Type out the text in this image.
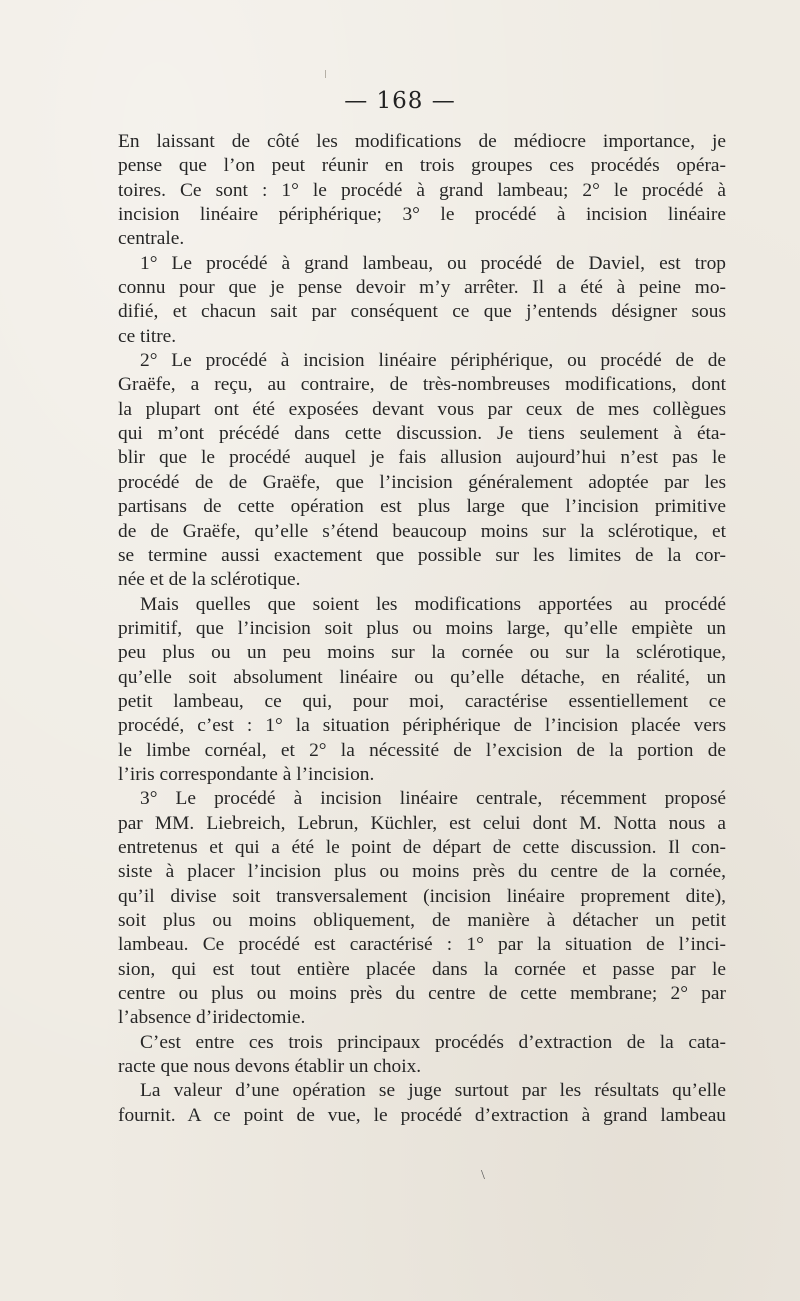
— 168 —
En laissant de côté les modifications de médiocre importance, je
pense que l’on peut réunir en trois groupes ces procédés opéra-
toires. Ce sont : 1° le procédé à grand lambeau; 2° le procédé à
incision linéaire périphérique; 3° le procédé à incision linéaire
centrale.
1° Le procédé à grand lambeau, ou procédé de Daviel, est trop
connu pour que je pense devoir m’y arrêter. Il a été à peine mo-
difié, et chacun sait par conséquent ce que j’entends désigner sous
ce titre.
2° Le procédé à incision linéaire périphérique, ou procédé de de
Graëfe, a reçu, au contraire, de très-nombreuses modifications, dont
la plupart ont été exposées devant vous par ceux de mes collègues
qui m’ont précédé dans cette discussion. Je tiens seulement à éta-
blir que le procédé auquel je fais allusion aujourd’hui n’est pas le
procédé de de Graëfe, que l’incision généralement adoptée par les
partisans de cette opération est plus large que l’incision primitive
de de Graëfe, qu’elle s’étend beaucoup moins sur la sclérotique, et
se termine aussi exactement que possible sur les limites de la cor-
née et de la sclérotique.
Mais quelles que soient les modifications apportées au procédé
primitif, que l’incision soit plus ou moins large, qu’elle empiète un
peu plus ou un peu moins sur la cornée ou sur la sclérotique,
qu’elle soit absolument linéaire ou qu’elle détache, en réalité, un
petit lambeau, ce qui, pour moi, caractérise essentiellement ce
procédé, c’est : 1° la situation périphérique de l’incision placée vers
le limbe cornéal, et 2° la nécessité de l’excision de la portion de
l’iris correspondante à l’incision.
3° Le procédé à incision linéaire centrale, récemment proposé
par MM. Liebreich, Lebrun, Küchler, est celui dont M. Notta nous a
entretenus et qui a été le point de départ de cette discussion. Il con-
siste à placer l’incision plus ou moins près du centre de la cornée,
qu’il divise soit transversalement (incision linéaire proprement dite),
soit plus ou moins obliquement, de manière à détacher un petit
lambeau. Ce procédé est caractérisé : 1° par la situation de l’inci-
sion, qui est tout entière placée dans la cornée et passe par le
centre ou plus ou moins près du centre de cette membrane; 2° par
l’absence d’iridectomie.
C’est entre ces trois principaux procédés d’extraction de la cata-
racte que nous devons établir un choix.
La valeur d’une opération se juge surtout par les résultats qu’elle
fournit. A ce point de vue, le procédé d’extraction à grand lambeau
\
